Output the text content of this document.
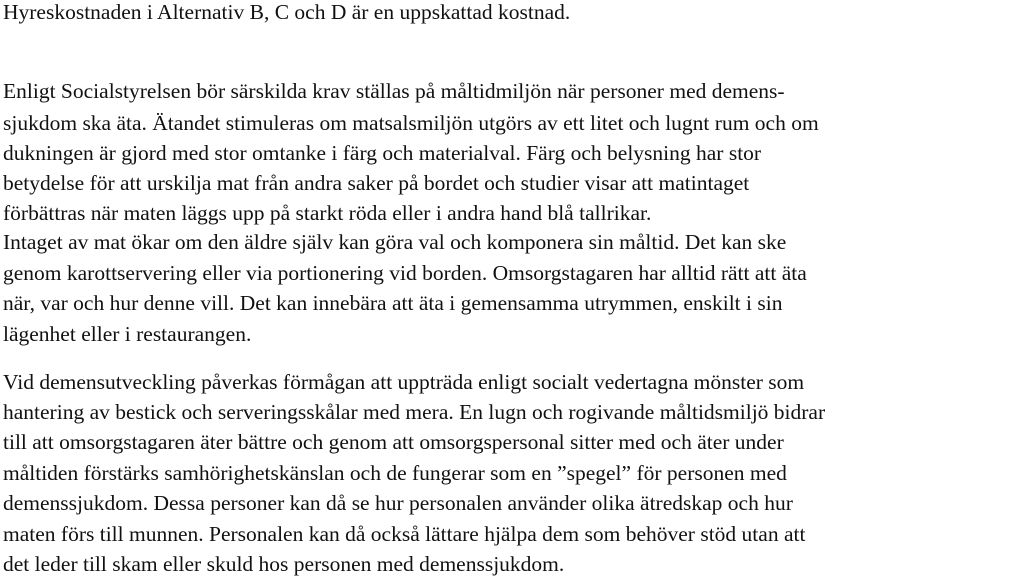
Hyreskostnaden i Alternativ B, C och D är en uppskattad kostnad.
Enligt Socialstyrelsen bör särskilda krav ställas på måltidmiljön när personer med demens-
sjukdom ska äta. Ätandet stimuleras om matsalsmiljön utgörs av ett litet och lugnt rum och om
dukningen är gjord med stor omtanke i färg och materialval. Färg och belysning har stor
betydelse för att urskilja mat från andra saker på bordet och studier visar att matintaget
förbättras när maten läggs upp på starkt röda eller i andra hand blå tallrikar.
Intaget av mat ökar om den äldre själv kan göra val och komponera sin måltid. Det kan ske
genom karottservering eller via portionering vid borden. Omsorgstagaren har alltid rätt att äta
när, var och hur denne vill. Det kan innebära att äta i gemensamma utrymmen, enskilt i sin
lägenhet eller i restaurangen.
Vid demensutveckling påverkas förmågan att uppträda enligt socialt vedertagna mönster som
hantering av bestick och serveringsskålar med mera. En lugn och rogivande måltidsmiljö bidrar
till att omsorgstagaren äter bättre och genom att omsorgspersonal sitter med och äter under
måltiden förstärks samhörighetskänslan och de fungerar som en ”spegel” för personen med
demenssjukdom. Dessa personer kan då se hur personalen använder olika ätredskap och hur
maten förs till munnen. Personalen kan då också lättare hjälpa dem som behöver stöd utan att
det leder till skam eller skuld hos personen med demenssjukdom.
